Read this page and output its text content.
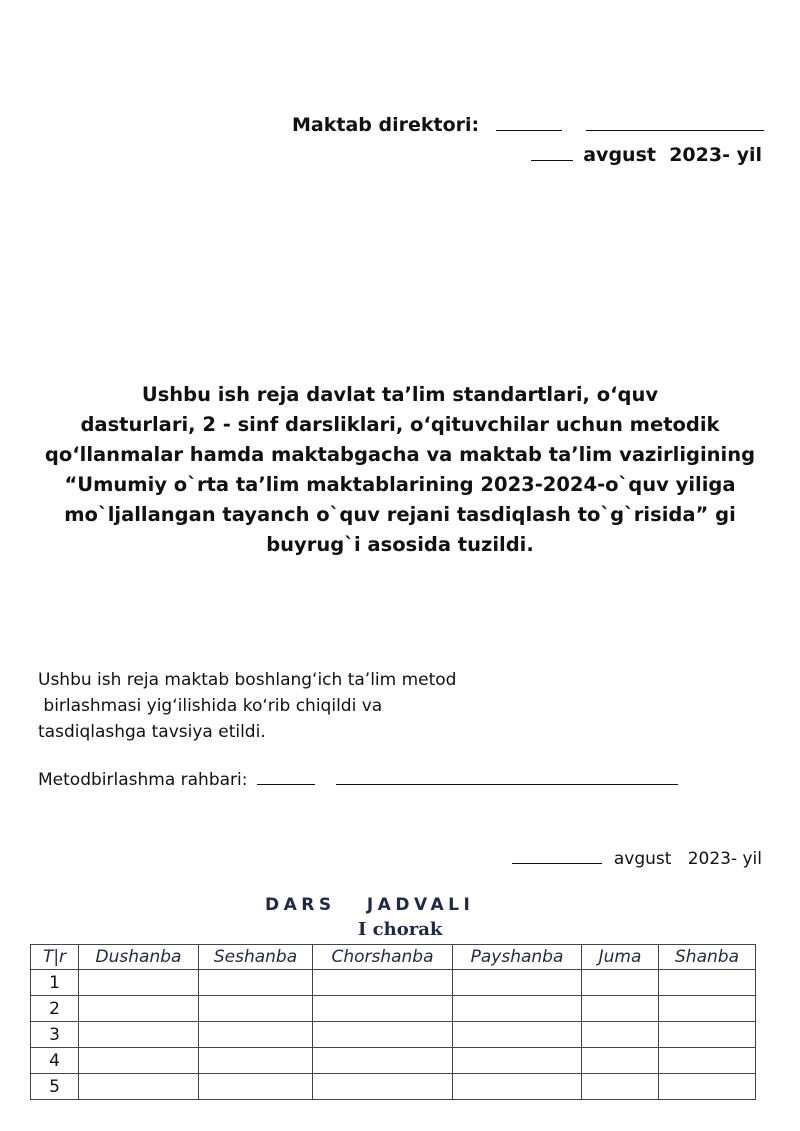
Maktab direktori:
avgust 2023- yil
Ushbu ish reja davlat ta’lim standartlari, o‘quv
dasturlari, 2 - sinf darsliklari, o‘qituvchilar uchun metodik
qo‘llanmalar hamda maktabgacha va maktab ta’lim vazirligining
“Umumiy o`rta ta’lim maktablarining 2023-2024-o`quv yiliga
mo`ljallangan tayanch o`quv rejani tasdiqlash to`g`risida” gi
buyrug`i asosida tuzildi.
Ushbu ish reja maktab boshlang‘ich ta’lim metod
birlashmasi yig‘ilishida ko‘rib chiqildi va
tasdiqlashga tavsiya etildi.
Metodbirlashma rahbari:
avgust 2023- yil
DARS   JADVALI
I chorak
T|r	Dushanba	Seshanba	Chorshanba	Payshanba	Juma	Shanba
1						
2						
3						
4						
5						
